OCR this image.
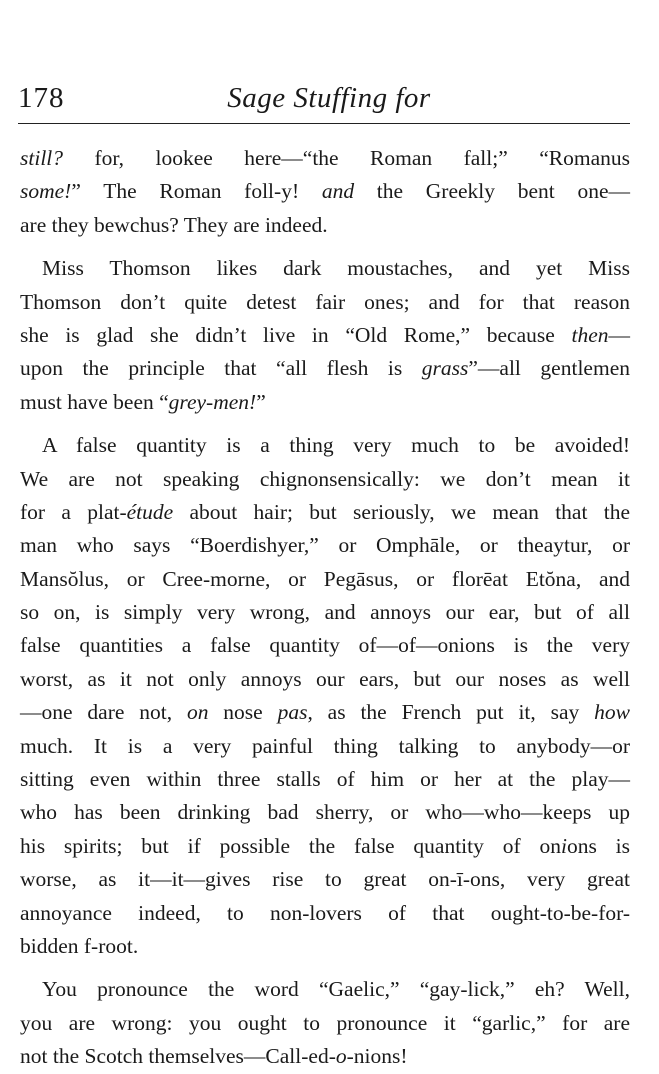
178	Sage Stuffing for
still? for, lookee here—“the Roman fall;” “Romanus
some!” The Roman foll-y! and the Greekly bent one—
are they bewchus? They are indeed.
Miss Thomson likes dark moustaches, and yet Miss
Thomson don’t quite detest fair ones; and for that reason
she is glad she didn’t live in “Old Rome,” because then—
upon the principle that “all flesh is grass”—all gentlemen
must have been “grey-men!”
A false quantity is a thing very much to be avoided!
We are not speaking chignonsensically: we don’t mean it
for a plat-étude about hair; but seriously, we mean that the
man who says “Boerdishyer,” or Omphāle, or theaytur, or
Mansŏlus, or Cree-morne, or Pegāsus, or florēat Etŏna, and
so on, is simply very wrong, and annoys our ear, but of all
false quantities a false quantity of—of—onions is the very
worst, as it not only annoys our ears, but our noses as well
—one dare not, on nose pas, as the French put it, say how
much. It is a very painful thing talking to anybody—or
sitting even within three stalls of him or her at the play—
who has been drinking bad sherry, or who—who—keeps up
his spirits; but if possible the false quantity of onions is
worse, as it—it—gives rise to great on-ī-ons, very great
annoyance indeed, to non-lovers of that ought-to-be-for-
bidden f-root.
You pronounce the word “Gaelic,” “gay-lick,” eh? Well,
you are wrong: you ought to pronounce it “garlic,” for are
not the Scotch themselves—Call-ed-o-nions!
